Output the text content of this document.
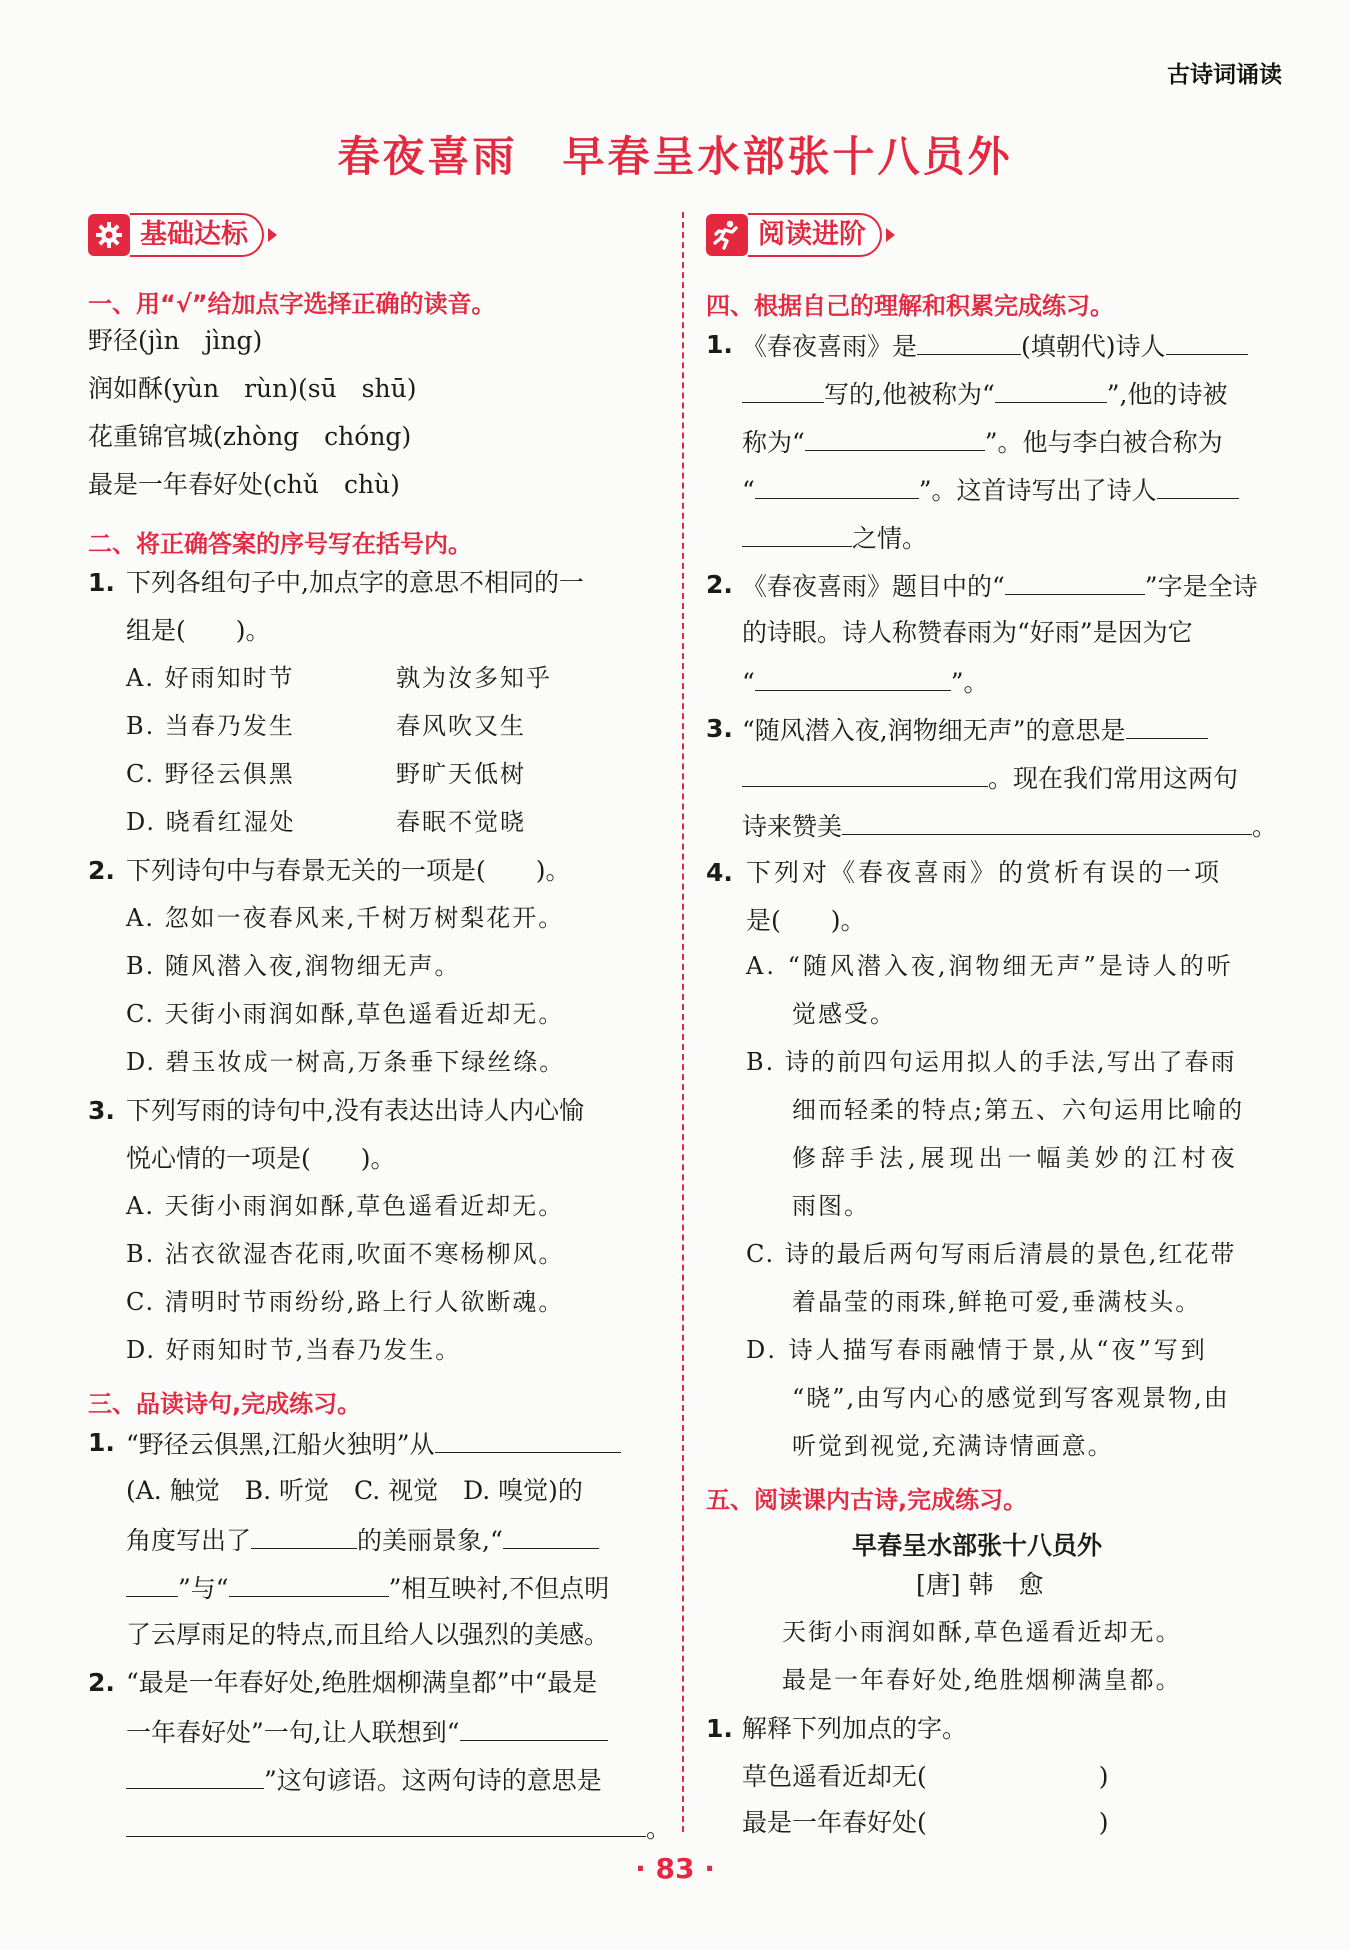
古诗词诵读
春夜喜雨　早春呈水部张十八员外
基础达标
一、用“√”给加点字选择正确的读音。
野径(jìn　jìng)
润如酥(yùn　rùn)(sū　shū)
花重锦官城(zhòng　chóng)
最是一年春好处(chǔ　chù)
二、将正确答案的序号写在括号内。
1. 下列各组句子中,加点字的意思不相同的一
组是(　　)。
A. 好雨知时节	孰为汝多知乎
B. 当春乃发生	春风吹又生
C. 野径云俱黑	野旷天低树
D. 晓看红湿处	春眠不觉晓
2. 下列诗句中与春景无关的一项是(　　)。
A. 忽如一夜春风来,千树万树梨花开。
B. 随风潜入夜,润物细无声。
C. 天街小雨润如酥,草色遥看近却无。
D. 碧玉妆成一树高,万条垂下绿丝绦。
3. 下列写雨的诗句中,没有表达出诗人内心愉
悦心情的一项是(　　)。
A. 天街小雨润如酥,草色遥看近却无。
B. 沾衣欲湿杏花雨,吹面不寒杨柳风。
C. 清明时节雨纷纷,路上行人欲断魂。
D. 好雨知时节,当春乃发生。
三、品读诗句,完成练习。
1. “野径云俱黑,江船火独明”从
(A. 触觉　B. 听觉　C. 视觉　D. 嗅觉)的
角度写出了	的美丽景象,“
”与“	”相互映衬,不但点明
了云厚雨足的特点,而且给人以强烈的美感。
2. “最是一年春好处,绝胜烟柳满皇都”中“最是
一年春好处”一句,让人联想到“
”这句谚语。这两句诗的意思是
。
阅读进阶
四、根据自己的理解和积累完成练习。
1. 《春夜喜雨》是	(填朝代)诗人
写的,他被称为“	”,他的诗被
称为“	”。他与李白被合称为
“	”。这首诗写出了诗人
之情。
2. 《春夜喜雨》题目中的“	”字是全诗
的诗眼。诗人称赞春雨为“好雨”是因为它
“	”。
3. “随风潜入夜,润物细无声”的意思是
。现在我们常用这两句
诗来赞美	。
4. 下列对《春夜喜雨》的赏析有误的一项
是(　　)。
A. “随风潜入夜,润物细无声”是诗人的听
觉感受。
B. 诗的前四句运用拟人的手法,写出了春雨
细而轻柔的特点;第五、六句运用比喻的
修辞手法,展现出一幅美妙的江村夜
雨图。
C. 诗的最后两句写雨后清晨的景色,红花带
着晶莹的雨珠,鲜艳可爱,垂满枝头。
D. 诗人描写春雨融情于景,从“夜”写到
“晓”,由写内心的感觉到写客观景物,由
听觉到视觉,充满诗情画意。
五、阅读课内古诗,完成练习。
早春呈水部张十八员外
[唐] 韩　愈
天街小雨润如酥,草色遥看近却无。
最是一年春好处,绝胜烟柳满皇都。
1. 解释下列加点的字。
草色遥看近却无(	)
最是一年春好处(	)
· 83 ·
